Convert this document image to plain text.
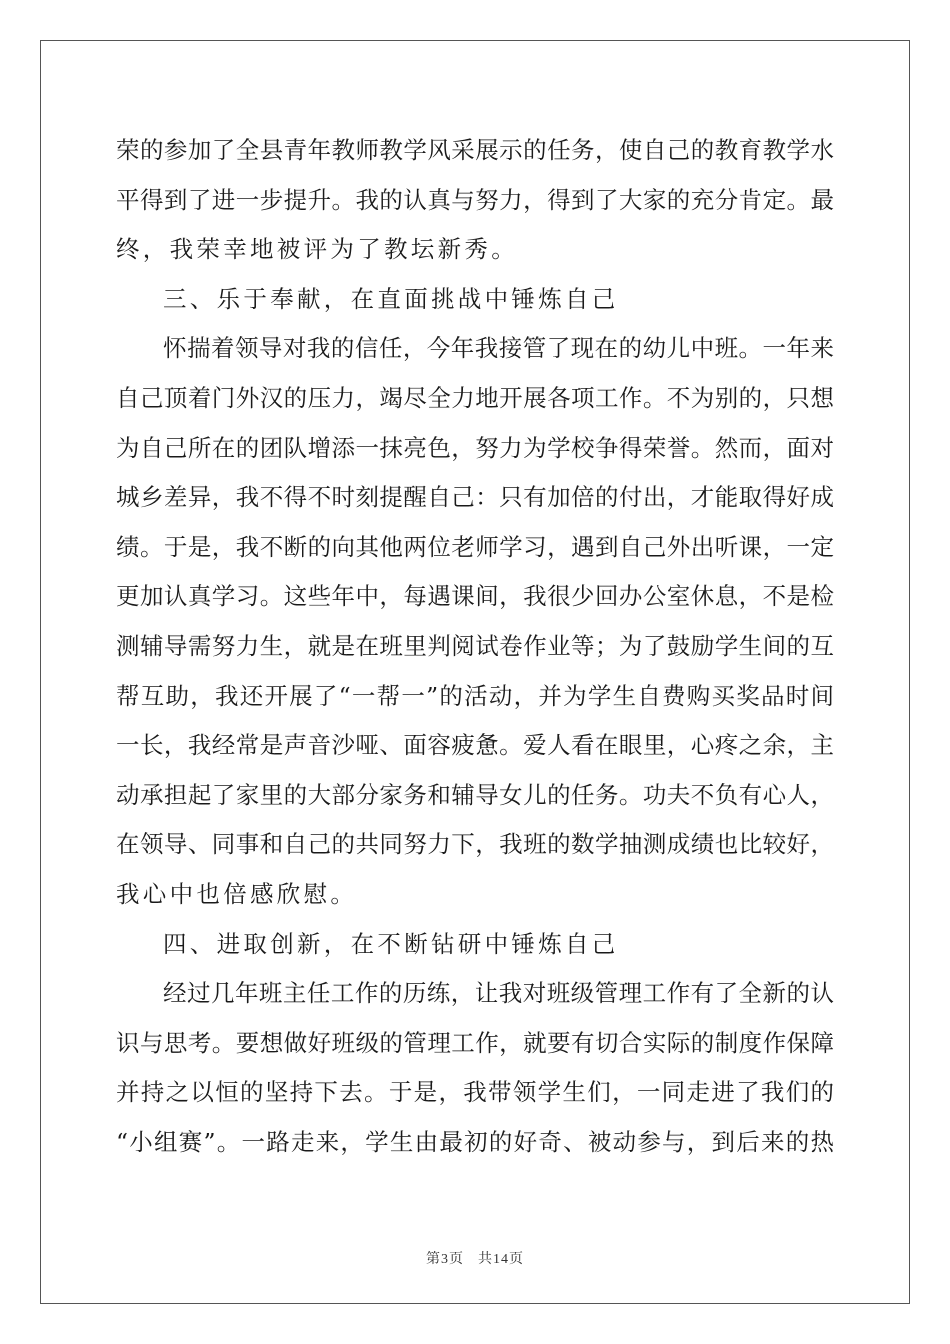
荣的参加了全县青年教师教学风采展示的任务，使自己的教育教学水
平得到了进一步提升。我的认真与努力，得到了大家的充分肯定。最
终，我荣幸地被评为了教坛新秀。
三、乐于奉献，在直面挑战中锤炼自己
怀揣着领导对我的信任，今年我接管了现在的幼儿中班。一年来
自己顶着门外汉的压力，竭尽全力地开展各项工作。不为别的，只想
为自己所在的团队增添一抹亮色，努力为学校争得荣誉。然而，面对
城乡差异，我不得不时刻提醒自己：只有加倍的付出，才能取得好成
绩。于是，我不断的向其他两位老师学习，遇到自己外出听课，一定
更加认真学习。这些年中，每遇课间，我很少回办公室休息，不是检
测辅导需努力生，就是在班里判阅试卷作业等；为了鼓励学生间的互
帮互助，我还开展了“一帮一”的活动，并为学生自费购买奖品时间
一长，我经常是声音沙哑、面容疲惫。爱人看在眼里，心疼之余，主
动承担起了家里的大部分家务和辅导女儿的任务。功夫不负有心人，
在领导、同事和自己的共同努力下，我班的数学抽测成绩也比较好，
我心中也倍感欣慰。
四、进取创新，在不断钻研中锤炼自己
经过几年班主任工作的历练，让我对班级管理工作有了全新的认
识与思考。要想做好班级的管理工作，就要有切合实际的制度作保障
并持之以恒的坚持下去。于是，我带领学生们，一同走进了我们的
“小组赛”。一路走来，学生由最初的好奇、被动参与，到后来的热
第3页 共14页
